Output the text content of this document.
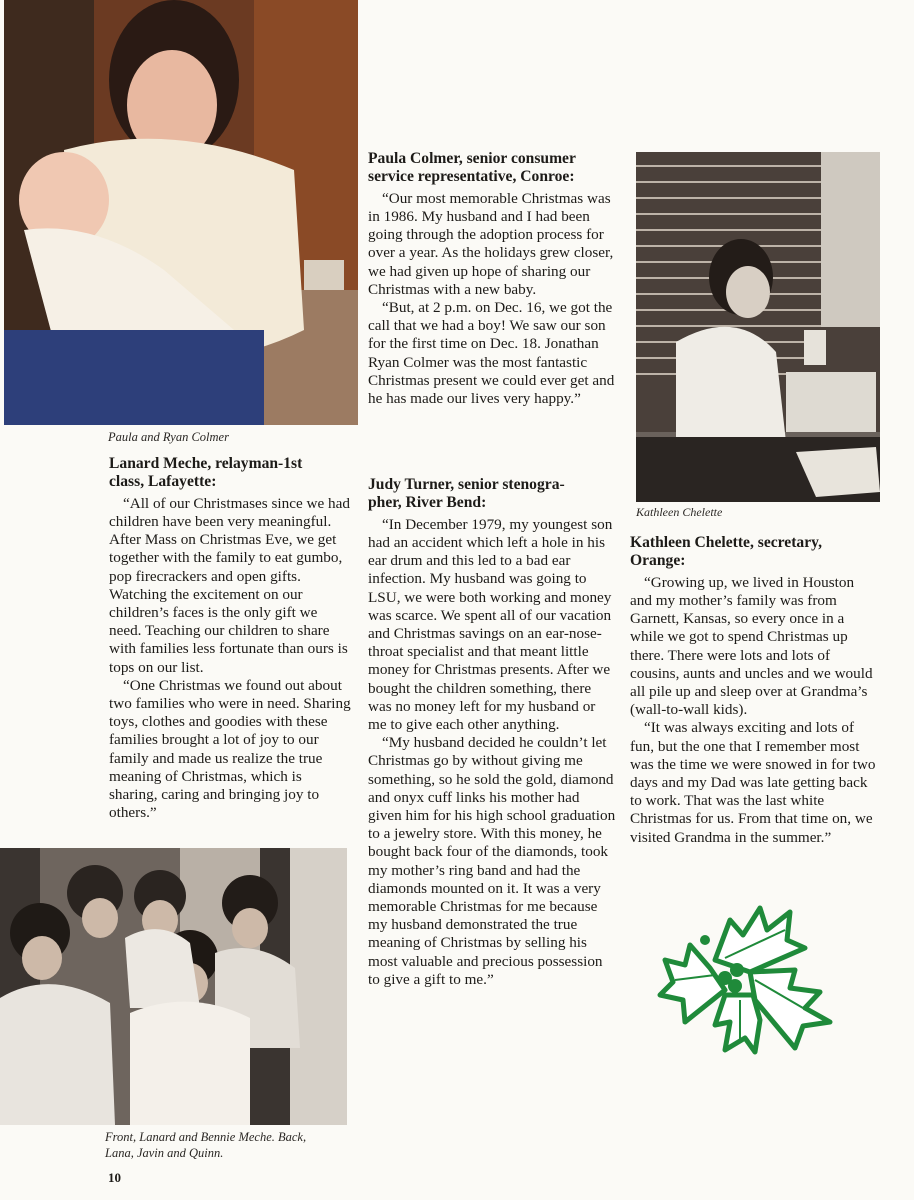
Paula and Ryan Colmer
Kathleen Chelette
Front, Lanard and Bennie Meche. Back,
Lana, Javin and Quinn.
Lanard Meche, relayman-1st
class, Lafayette:

“All of our Christmases since we had children have been very meaningful. After Mass on Christmas Eve, we get together with the family to eat gumbo, pop firecrackers and open gifts. Watching the excitement on our children’s faces is the only gift we need. Teaching our children to share with families less fortunate than ours is tops on our list.

“One Christmas we found out about two families who were in need. Sharing toys, clothes and goodies with these families brought a lot of joy to our family and made us realize the true meaning of Christmas, which is sharing, caring and bringing joy to others.”

Paula Colmer, senior consumer
service representative, Conroe:

“Our most memorable Christmas was in 1986. My husband and I had been going through the adoption process for over a year. As the holidays grew closer, we had given up hope of sharing our Christmas with a new baby.

“But, at 2 p.m. on Dec. 16, we got the call that we had a boy! We saw our son for the first time on Dec. 18. Jonathan Ryan Colmer was the most fantastic Christmas present we could ever get and he has made our lives very happy.”

Judy Turner, senior stenogra-
pher, River Bend:

“In December 1979, my youngest son had an accident which left a hole in his ear drum and this led to a bad ear infection. My husband was going to LSU, we were both working and money was scarce. We spent all of our vacation and Christmas savings on an ear-nose-throat specialist and that meant little money for Christmas presents. After we bought the children something, there was no money left for my husband or me to give each other anything.

“My husband decided he couldn’t let Christmas go by without giving me something, so he sold the gold, diamond and onyx cuff links his mother had given him for his high school graduation to a jewelry store. With this money, he bought back four of the diamonds, took my mother’s ring band and had the diamonds mounted on it. It was a very memorable Christmas for me because my husband demonstrated the true meaning of Christmas by selling his most valuable and precious possession to give a gift to me.”

Kathleen Chelette, secretary,
Orange:

“Growing up, we lived in Houston and my mother’s family was from Garnett, Kansas, so every once in a while we got to spend Christmas up there. There were lots and lots of cousins, aunts and uncles and we would all pile up and sleep over at Grandma’s (wall-to-wall kids).

“It was always exciting and lots of fun, but the one that I remember most was the time we were snowed in for two days and my Dad was late getting back to work. That was the last white Christmas for us. From that time on, we visited Grandma in the summer.”

10
